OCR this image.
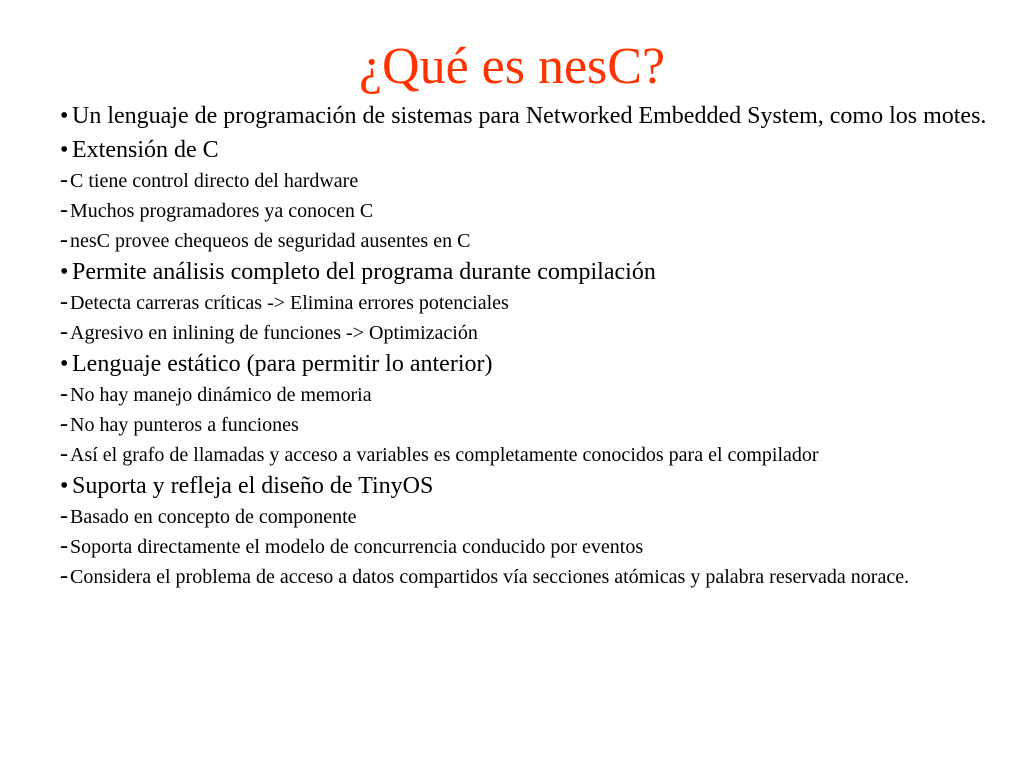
¿Qué es nesC?

• Un lenguaje de programación de sistemas para Networked Embedded System, como los motes.

• Extensión de C

- C tiene control directo del hardware

- Muchos programadores ya conocen C

- nesC provee chequeos de seguridad ausentes en C

• Permite análisis completo del programa durante compilación

- Detecta carreras críticas -> Elimina errores potenciales

- Agresivo en inlining de funciones -> Optimización

• Lenguaje estático (para permitir lo anterior)

- No hay manejo dinámico de memoria

- No hay punteros a funciones

- Así el grafo de llamadas y acceso a variables es completamente conocidos para el compilador

• Suporta y refleja el diseño de TinyOS

- Basado en concepto de componente

- Soporta directamente el modelo de concurrencia conducido por eventos

- Considera el problema de acceso a datos compartidos vía secciones atómicas y palabra reservada norace.
